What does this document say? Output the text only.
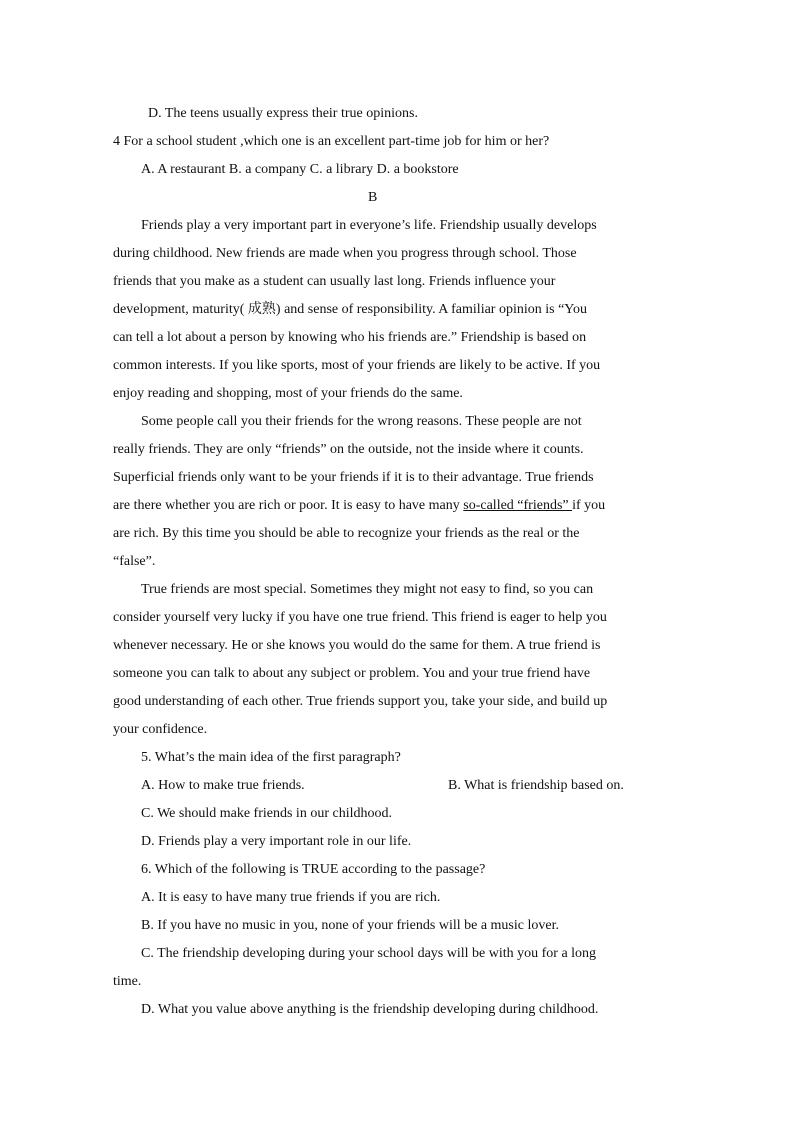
D. The teens usually express their true opinions.
4 For a school student ,which one is an excellent part-time job for him or her?
A. A restaurant B. a company C. a library D. a bookstore
B
Friends play a very important part in everyone’s life. Friendship usually develops
during childhood. New friends are made when you progress through school. Those
friends that you make as a student can usually last long. Friends influence your
development, maturity( 成熟) and sense of responsibility. A familiar opinion is “You
can tell a lot about a person by knowing who his friends are.” Friendship is based on
common interests. If you like sports, most of your friends are likely to be active. If you
enjoy reading and shopping, most of your friends do the same.
Some people call you their friends for the wrong reasons. These people are not
really friends. They are only “friends” on the outside, not the inside where it counts.
Superficial friends only want to be your friends if it is to their advantage. True friends
are there whether you are rich or poor. It is easy to have many so-called “friends” if you
are rich. By this time you should be able to recognize your friends as the real or the
“false”.
True friends are most special. Sometimes they might not easy to find, so you can
consider yourself very lucky if you have one true friend. This friend is eager to help you
whenever necessary. He or she knows you would do the same for them. A true friend is
someone you can talk to about any subject or problem. You and your true friend have
good understanding of each other. True friends support you, take your side, and build up
your confidence.
5. What’s the main idea of the first paragraph?
A. How to make true friends.	B. What is friendship based on.
C. We should make friends in our childhood.
D. Friends play a very important role in our life.
6. Which of the following is TRUE according to the passage?
A. It is easy to have many true friends if you are rich.
B. If you have no music in you, none of your friends will be a music lover.
C. The friendship developing during your school days will be with you for a long
time.
D. What you value above anything is the friendship developing during childhood.
